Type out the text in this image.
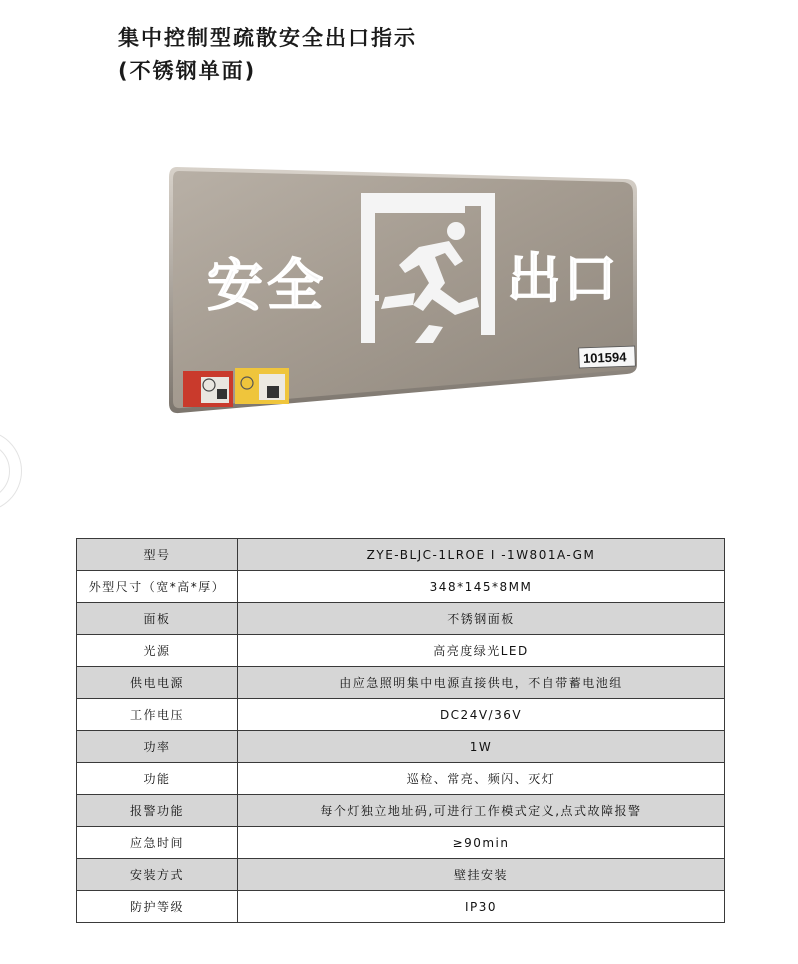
集中控制型疏散安全出口指示
(不锈钢单面)
安全	出口
101594
型号	ZYE-BLJC-1LROE I -1W801A-GM
外型尺寸（宽*高*厚）	348*145*8MM
面板	不锈钢面板
光源	高亮度绿光LED
供电电源	由应急照明集中电源直接供电，不自带蓄电池组
工作电压	DC24V/36V
功率	1W
功能	巡检、常亮、频闪、灭灯
报警功能	每个灯独立地址码,可进行工作模式定义,点式故障报警
应急时间	≥90min
安装方式	壁挂安装
防护等级	IP30
